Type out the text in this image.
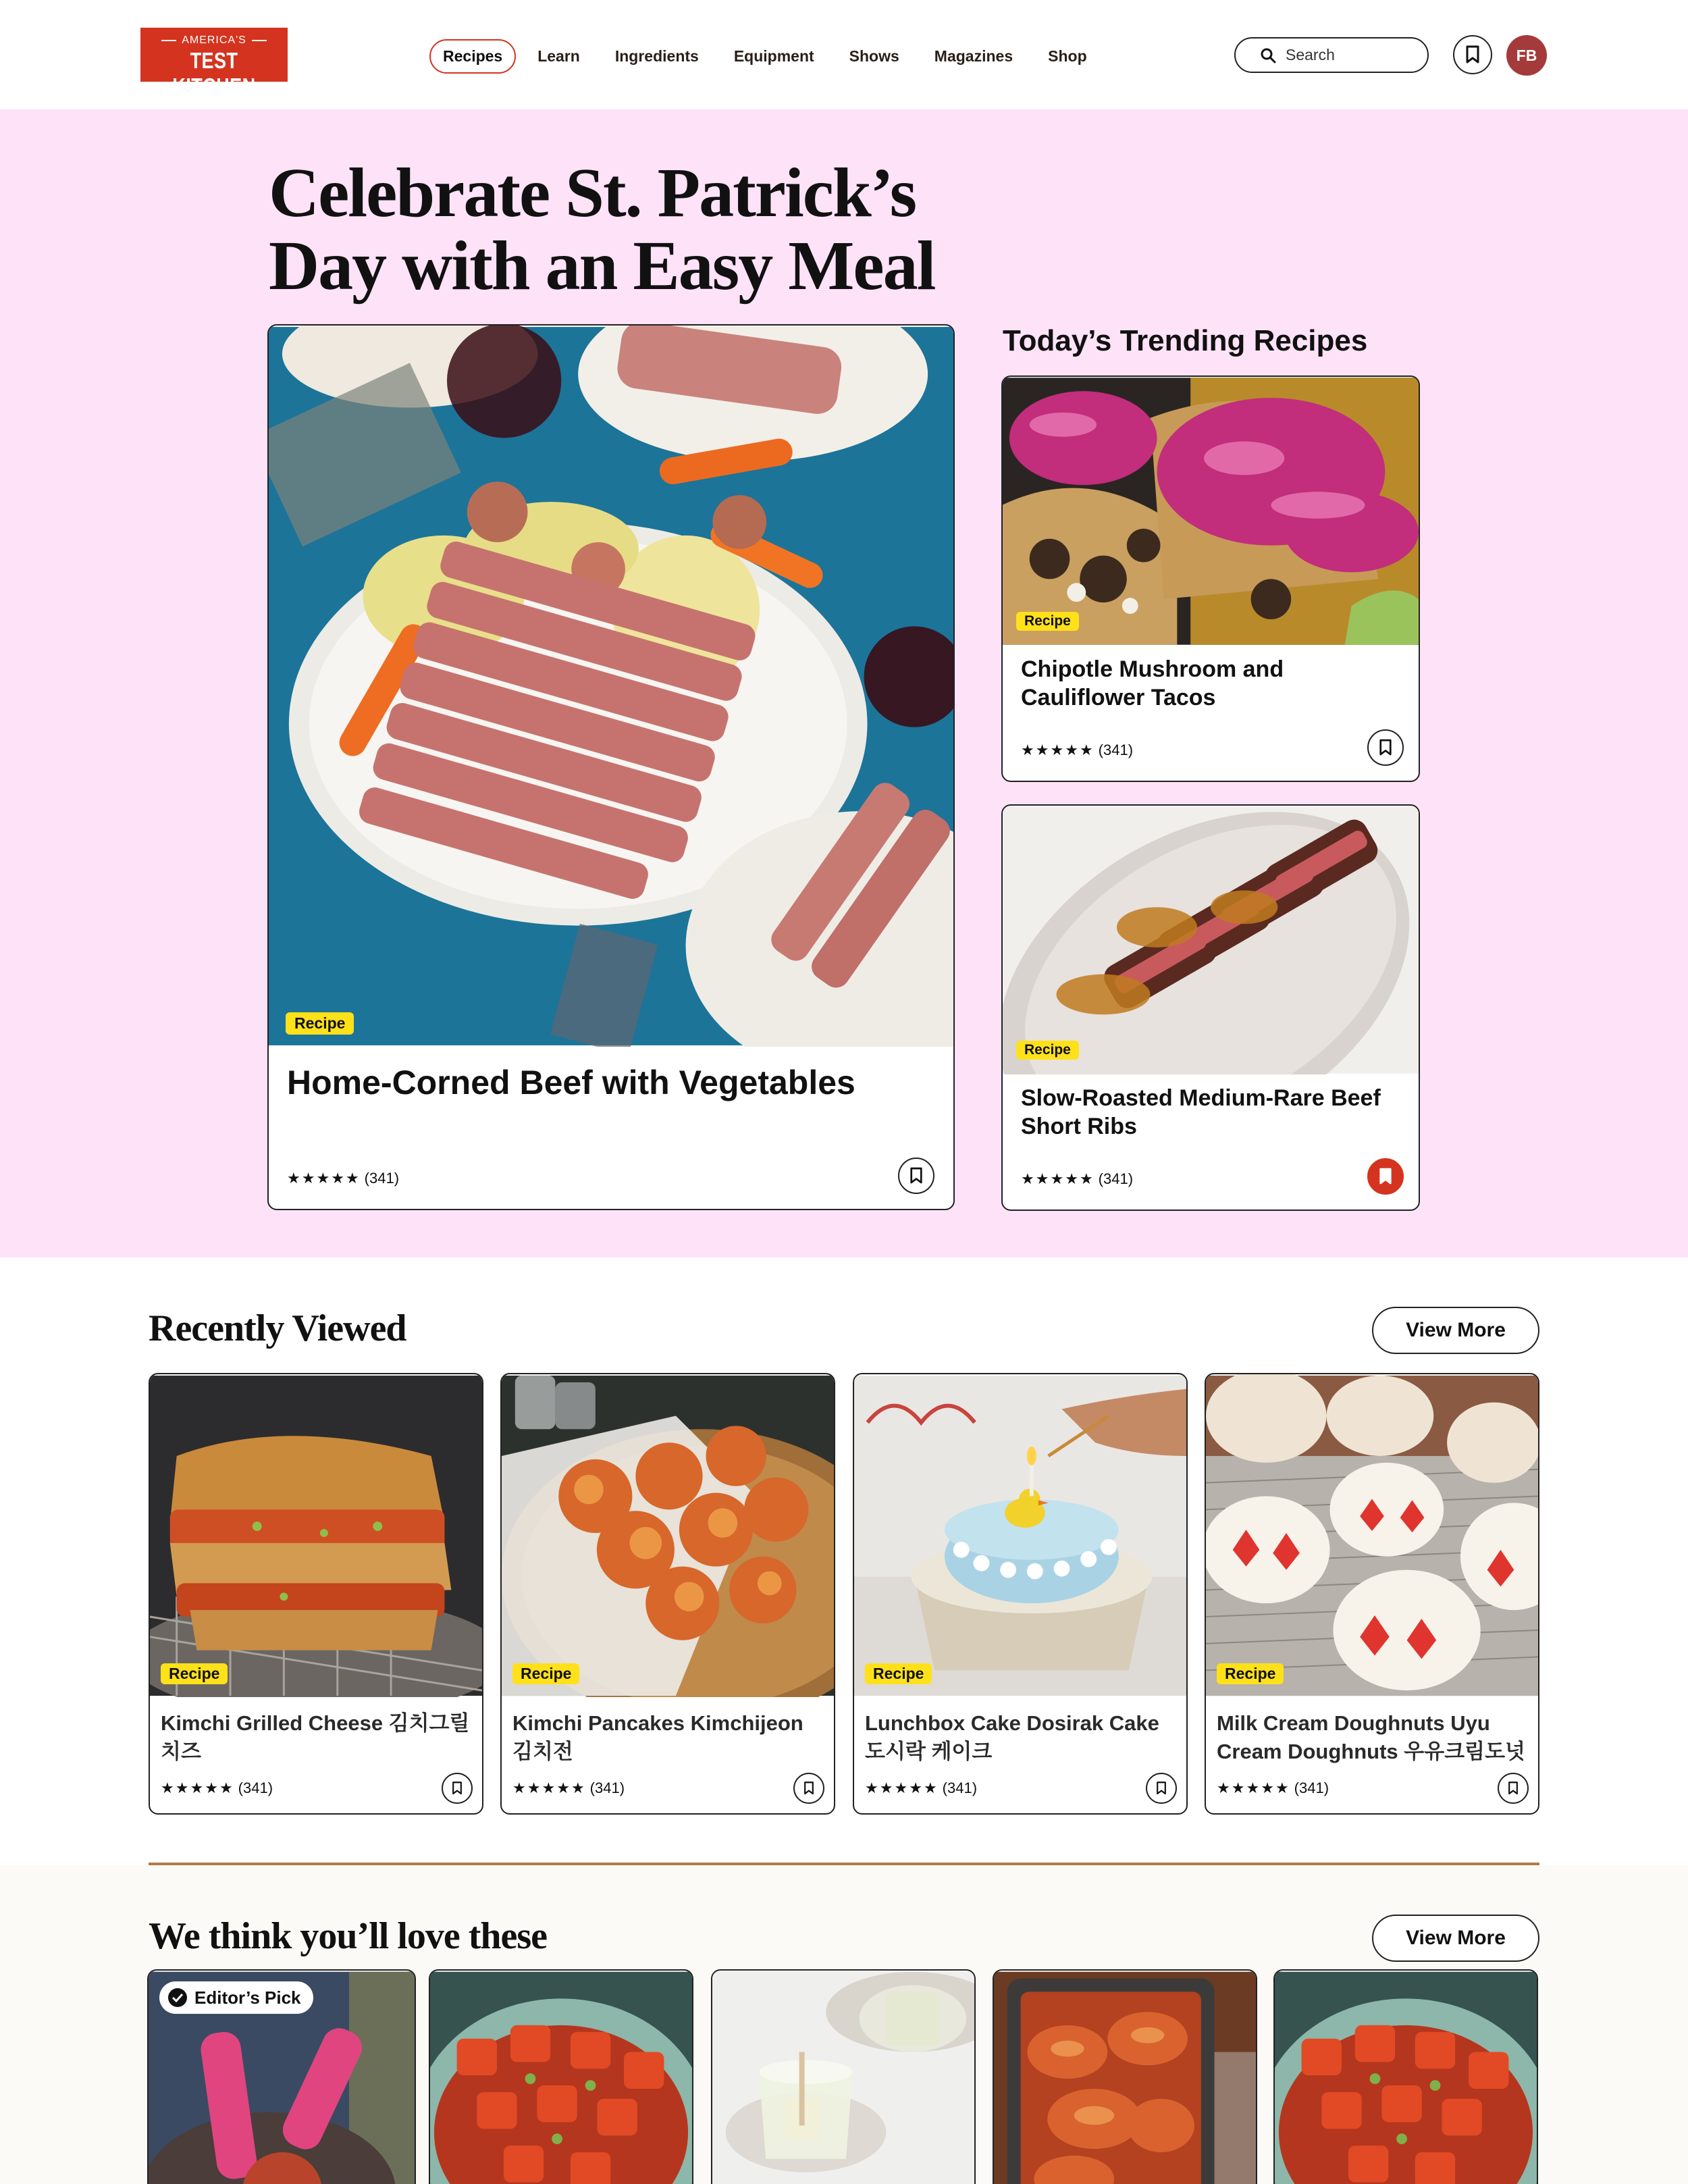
AMERICA'S
TEST KITCHEN
Recipes	Learn	Ingredients	Equipment	Shows	Magazines	Shop	Search	FB
Celebrate St. Patrick’s
Day with an Easy Meal
Recipe
Home-Corned Beef with Vegetables
★ ★ ★ ★ ★ (341)
Today’s Trending Recipes
Recipe
Chipotle Mushroom and Cauliflower Tacos
★ ★ ★ ★ ★ (341)
Recipe
Slow-Roasted Medium-Rare Beef Short Ribs
★ ★ ★ ★ ★ (341)
Recently Viewed	View More
Recipe
Kimchi Grilled Cheese 김치그릴치즈
★ ★ ★ ★ ★ (341)
Recipe
Kimchi Pancakes Kimchijeon 김치전
★ ★ ★ ★ ★ (341)
Recipe
Lunchbox Cake Dosirak Cake 도시락 케이크
★ ★ ★ ★ ★ (341)
Recipe
Milk Cream Doughnuts Uyu Cream Doughnuts 우유크림도넛
★ ★ ★ ★ ★ (341)
We think you’ll love these	View More
Editor’s Pick
